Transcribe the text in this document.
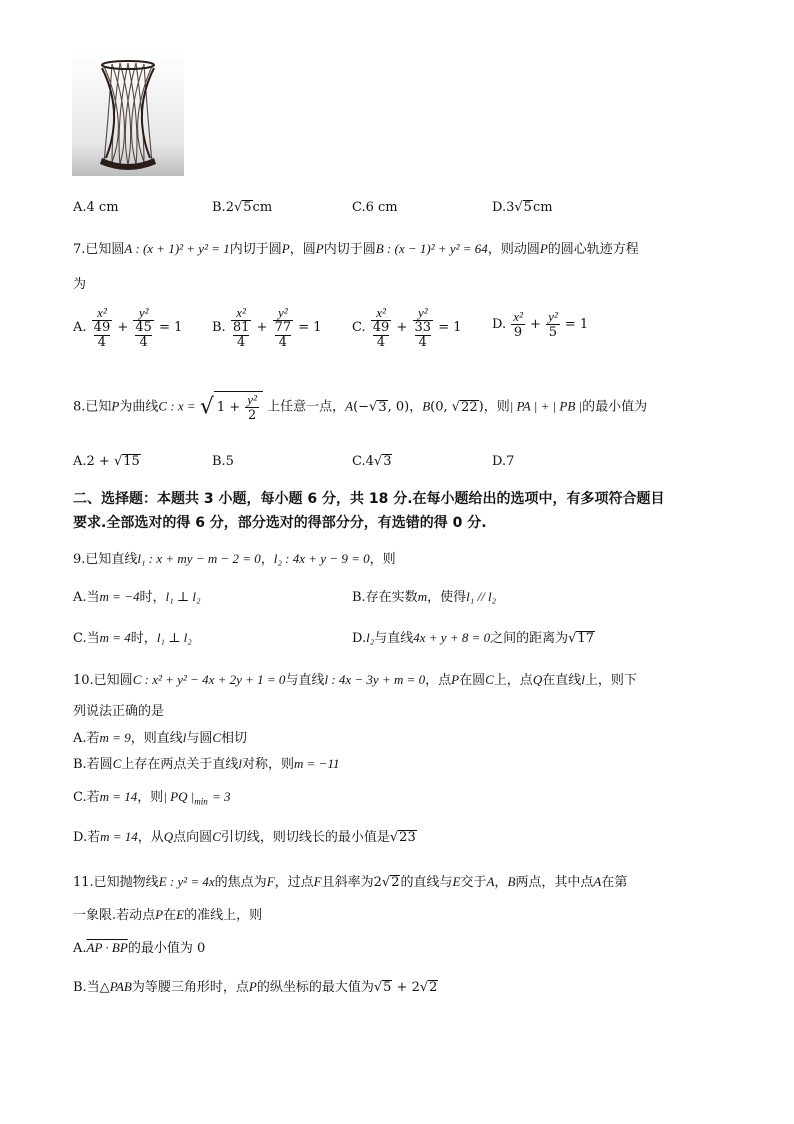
A.4 cm	B.2√5cm	C.6 cm	D.3√5cm
7.已知圆A : (x + 1)² + y² = 1内切于圆P，圆P内切于圆B : (x − 1)² + y² = 64，则动圆P的圆心轨迹方程
为
A. $\frac{\text{x²}}{\frac{49}{4}} + \frac{\text{y²}}{\frac{45}{4}} = 1$ B. $\frac{\text{x²}}{\frac{81}{4}} + \frac{\text{y²}}{\frac{77}{4}} = 1$ C. $\frac{\text{x²}}{\frac{49}{4}} + \frac{\text{y²}}{\frac{33}{4}} = 1$ D. $\frac{\text{x²}}{9} + \frac{\text{y²}}{5} = 1$
8.已知P为曲线C : x = √ $1 + \frac{\text{y²}}{2}$ 上任意一点，A(−√3, 0)，B(0, √22)，则| PA | + | PB |的最小值为
A.2 + √15	B.5	C.4√3	D.7
二、选择题：本题共 3 小题，每小题 6 分，共 18 分.在每小题给出的选项中，有多项符合题目
要求.全部选对的得 6 分，部分选对的得部分分，有选错的得 0 分.
9.已知直线l₁ : x + my − m − 2 = 0，l₂ : 4x + y − 9 = 0，则
A.当m = −4时，l₁ ⊥ l₂	B.存在实数m，使得l₁ // l₂
C.当m = 4时，l₁ ⊥ l₂	D.l₂与直线4x + y + 8 = 0之间的距离为√17
10.已知圆C : x² + y² − 4x + 2y + 1 = 0与直线l : 4x − 3y + m = 0，点P在圆C上，点Q在直线l上，则下
列说法正确的是
A.若m = 9，则直线l与圆C相切
B.若圆C上存在两点关于直线l对称，则m = −11
C.若m = 14，则| PQ $|_{min} = 3$
D.若m = 14，从Q点向圆C引切线，则切线长的最小值是√23
11.已知抛物线E : y² = 4x的焦点为F，过点F且斜率为2√2的直线与E交于A，B两点，其中点A在第
一象限.若动点P在E的准线上，则
A.AP · BP的最小值为 0
B.当△PAB为等腰三角形时，点P的纵坐标的最大值为√5 + 2√2
